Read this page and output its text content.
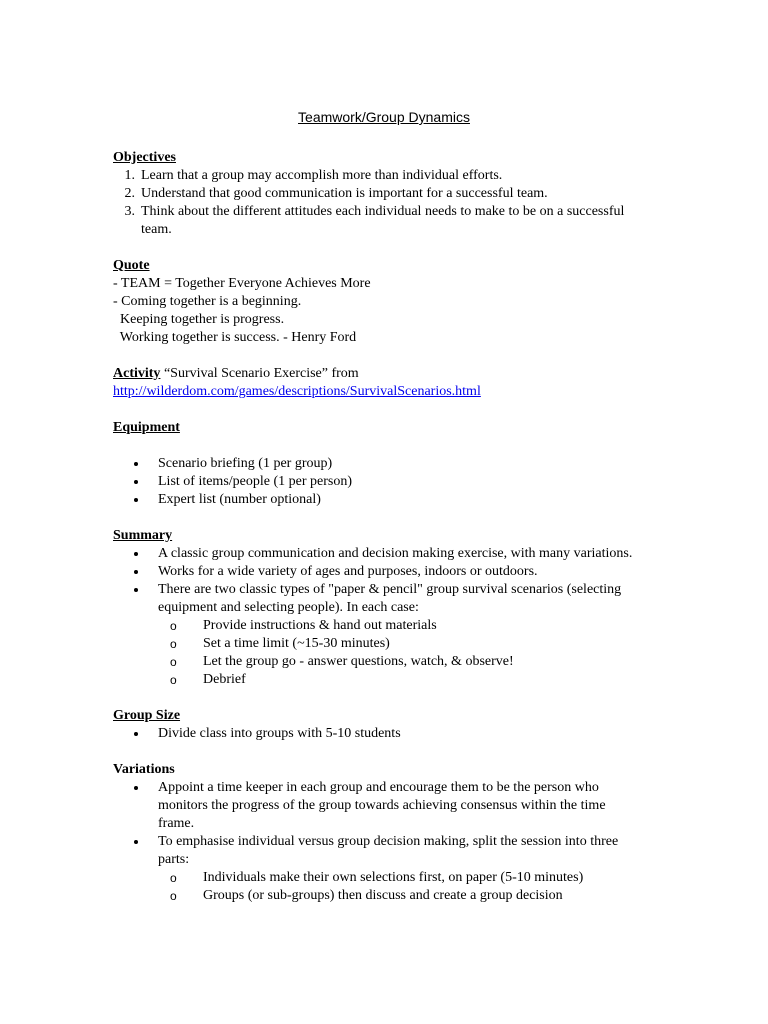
Teamwork/Group Dynamics
Objectives
1. Learn that a group may accomplish more than individual efforts.
2. Understand that good communication is important for a successful team.
3. Think about the different attitudes each individual needs to make to be on a successful team.
Quote
- TEAM = Together Everyone Achieves More
- Coming together is a beginning.
Keeping together is progress.
Working together is success. - Henry Ford
Activity “Survival Scenario Exercise” from
http://wilderdom.com/games/descriptions/SurvivalScenarios.html
Equipment
Scenario briefing (1 per group)
List of items/people (1 per person)
Expert list (number optional)
Summary
A classic group communication and decision making exercise, with many variations.
Works for a wide variety of ages and purposes, indoors or outdoors.
There are two classic types of "paper & pencil" group survival scenarios (selecting equipment and selecting people). In each case:
o	Provide instructions & hand out materials
o	Set a time limit (~15-30 minutes)
o	Let the group go - answer questions, watch, & observe!
o	Debrief
Group Size
Divide class into groups with 5-10 students
Variations
Appoint a time keeper in each group and encourage them to be the person who monitors the progress of the group towards achieving consensus within the time frame.
To emphasise individual versus group decision making, split the session into three parts:
o	Individuals make their own selections first, on paper (5-10 minutes)
o	Groups (or sub-groups) then discuss and create a group decision
